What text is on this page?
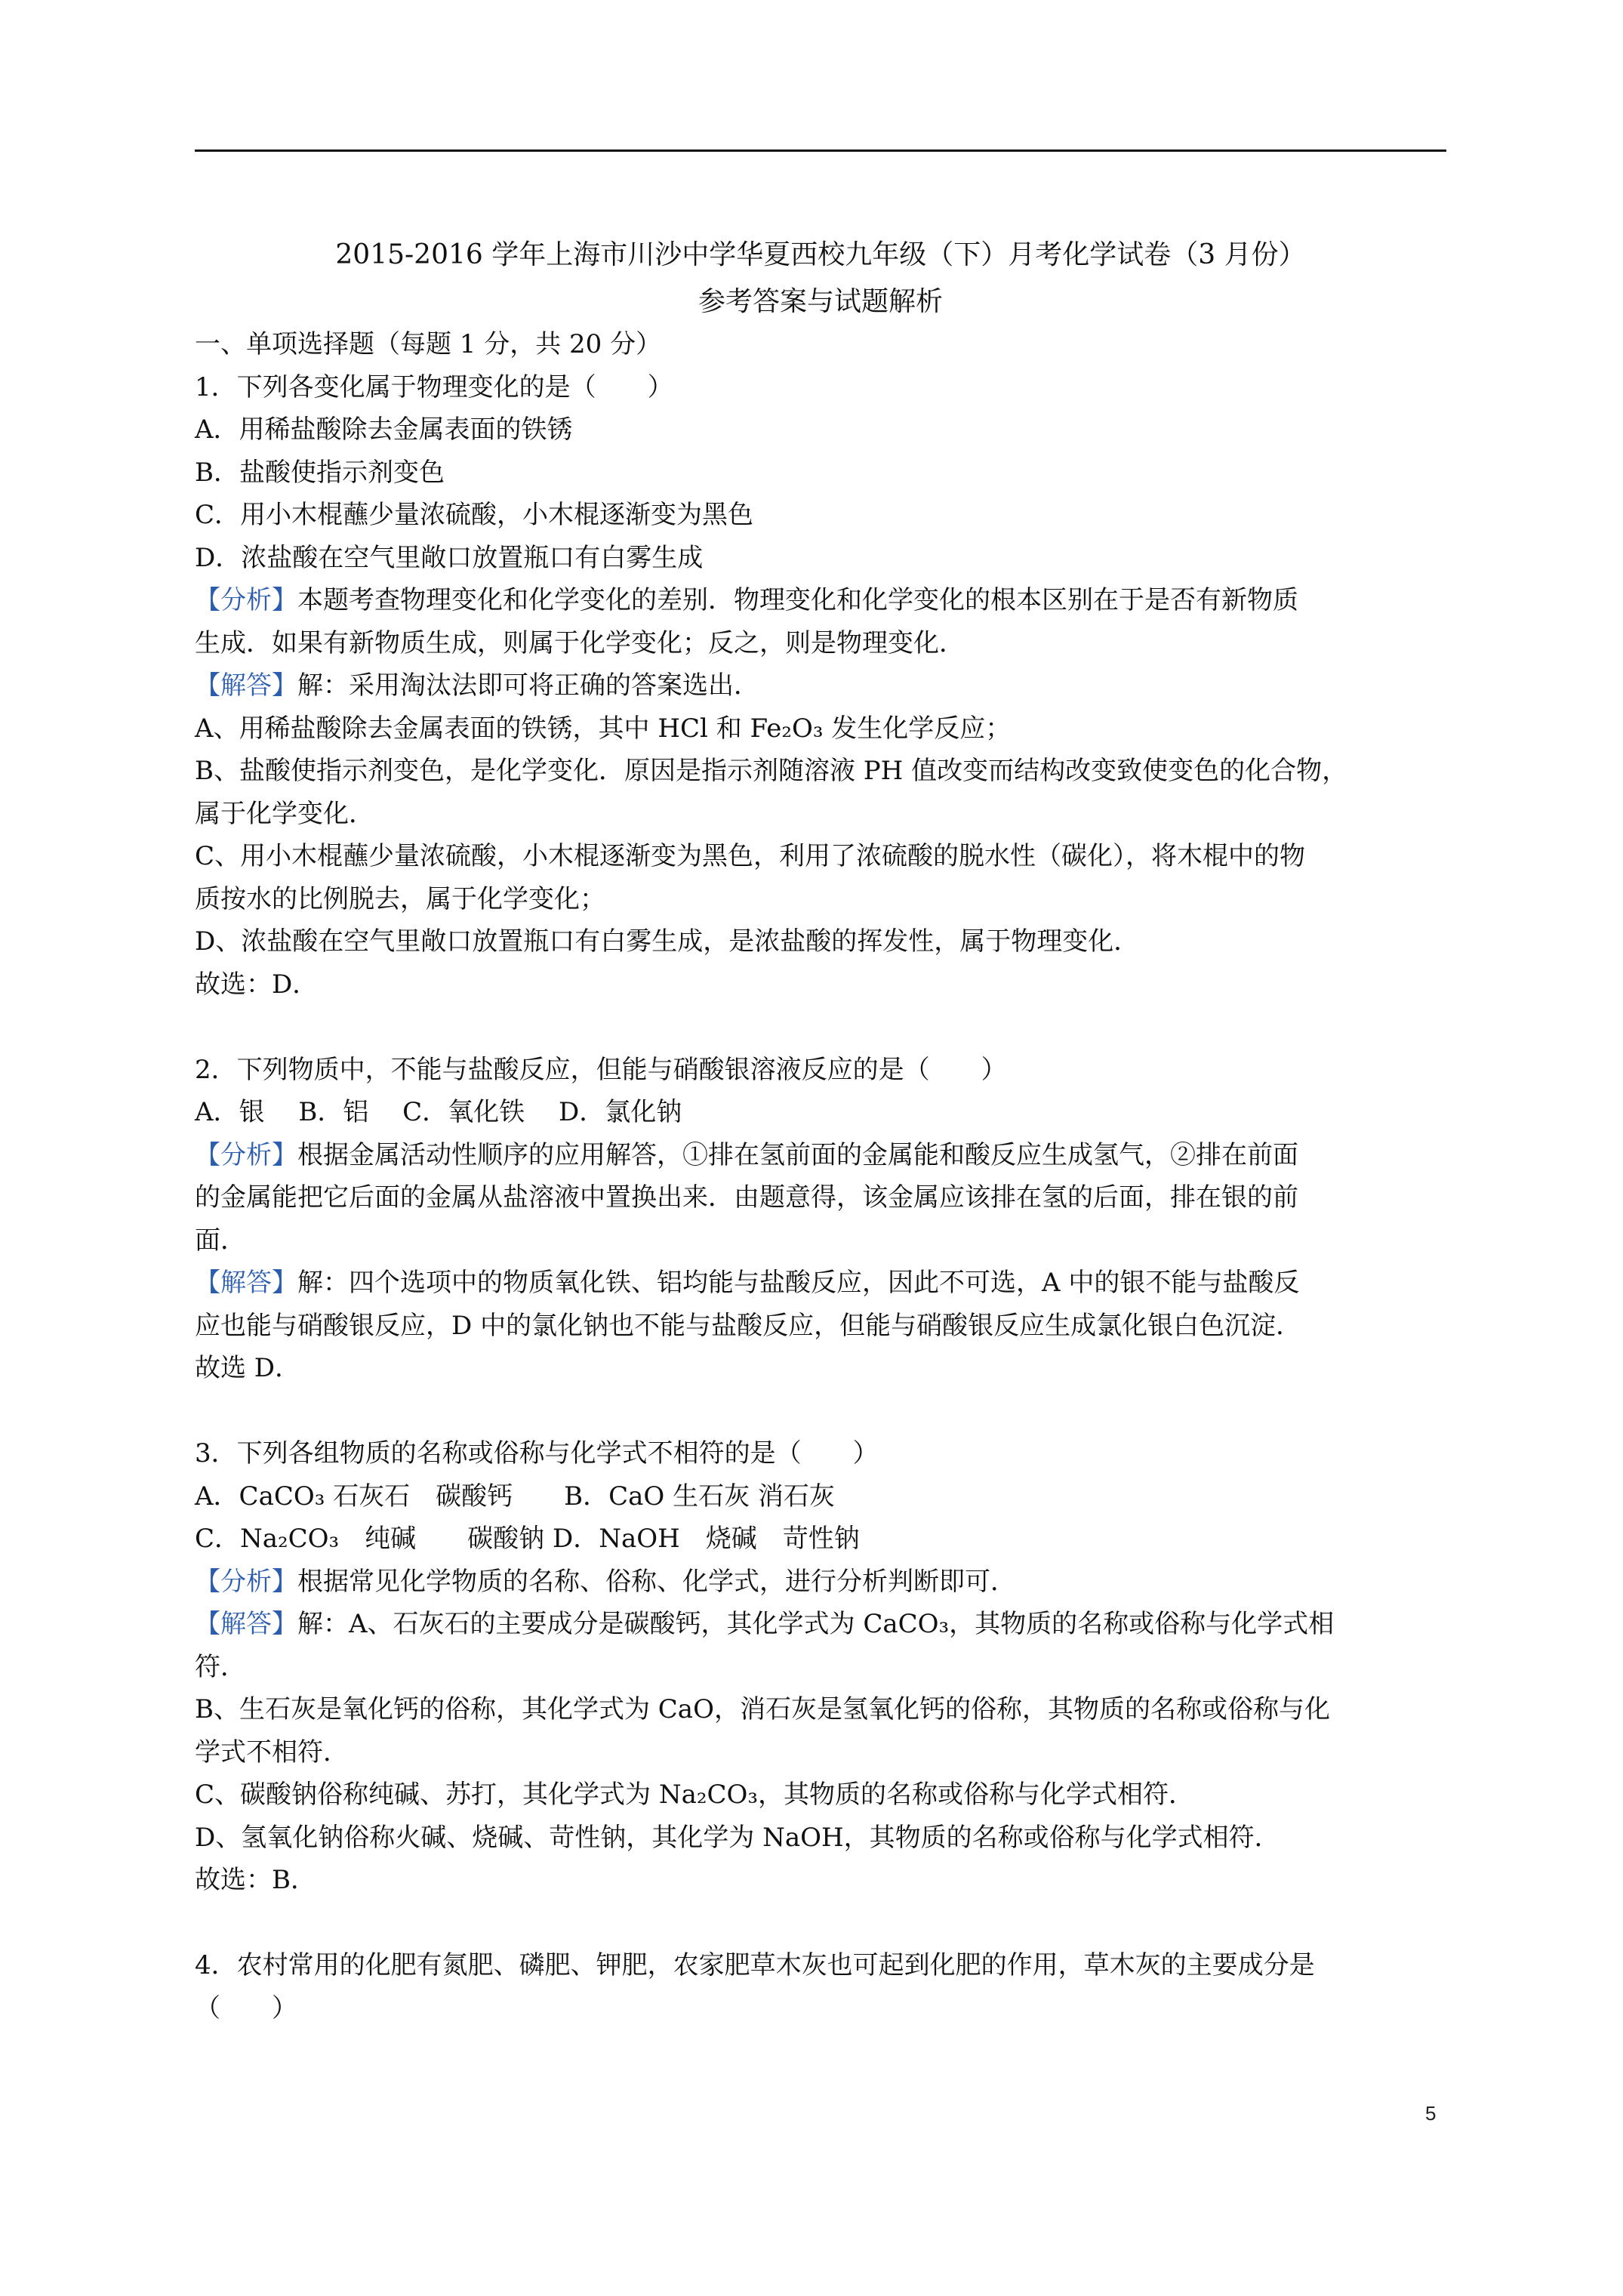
2015-2016 学年上海市川沙中学华夏西校九年级（下）月考化学试卷（3 月份）
参考答案与试题解析
一、单项选择题（每题 1 分，共 20 分）
1．下列各变化属于物理变化的是（　　）
A．用稀盐酸除去金属表面的铁锈
B．盐酸使指示剂变色
C．用小木棍蘸少量浓硫酸，小木棍逐渐变为黑色
D．浓盐酸在空气里敞口放置瓶口有白雾生成
【分析】本题考查物理变化和化学变化的差别．物理变化和化学变化的根本区别在于是否有新物质
生成．如果有新物质生成，则属于化学变化；反之，则是物理变化．
【解答】解：采用淘汰法即可将正确的答案选出．
A、用稀盐酸除去金属表面的铁锈，其中 HCl 和 Fe₂O₃ 发生化学反应；
B、盐酸使指示剂变色，是化学变化．原因是指示剂随溶液 PH 值改变而结构改变致使变色的化合物，
属于化学变化．
C、用小木棍蘸少量浓硫酸，小木棍逐渐变为黑色，利用了浓硫酸的脱水性（碳化），将木棍中的物
质按水的比例脱去，属于化学变化；
D、浓盐酸在空气里敞口放置瓶口有白雾生成，是浓盐酸的挥发性，属于物理变化．
故选：D．
2．下列物质中，不能与盐酸反应，但能与硝酸银溶液反应的是（　　）
A．银　 B．铝　 C．氧化铁　 D．氯化钠
【分析】根据金属活动性顺序的应用解答，①排在氢前面的金属能和酸反应生成氢气，②排在前面
的金属能把它后面的金属从盐溶液中置换出来．由题意得，该金属应该排在氢的后面，排在银的前
面．
【解答】解：四个选项中的物质氧化铁、铝均能与盐酸反应，因此不可选，A 中的银不能与盐酸反
应也能与硝酸银反应，D 中的氯化钠也不能与盐酸反应，但能与硝酸银反应生成氯化银白色沉淀．
故选 D．
3．下列各组物质的名称或俗称与化学式不相符的是（　　）
A．CaCO₃ 石灰石　碳酸钙　　B．CaO 生石灰 消石灰
C．Na₂CO₃　纯碱　　碳酸钠 D．NaOH　烧碱　苛性钠
【分析】根据常见化学物质的名称、俗称、化学式，进行分析判断即可．
【解答】解：A、石灰石的主要成分是碳酸钙，其化学式为 CaCO₃，其物质的名称或俗称与化学式相
符．
B、生石灰是氧化钙的俗称，其化学式为 CaO，消石灰是氢氧化钙的俗称，其物质的名称或俗称与化
学式不相符．
C、碳酸钠俗称纯碱、苏打，其化学式为 Na₂CO₃，其物质的名称或俗称与化学式相符．
D、氢氧化钠俗称火碱、烧碱、苛性钠，其化学为 NaOH，其物质的名称或俗称与化学式相符．
故选：B．
4．农村常用的化肥有氮肥、磷肥、钾肥，农家肥草木灰也可起到化肥的作用，草木灰的主要成分是
（　　）
5
